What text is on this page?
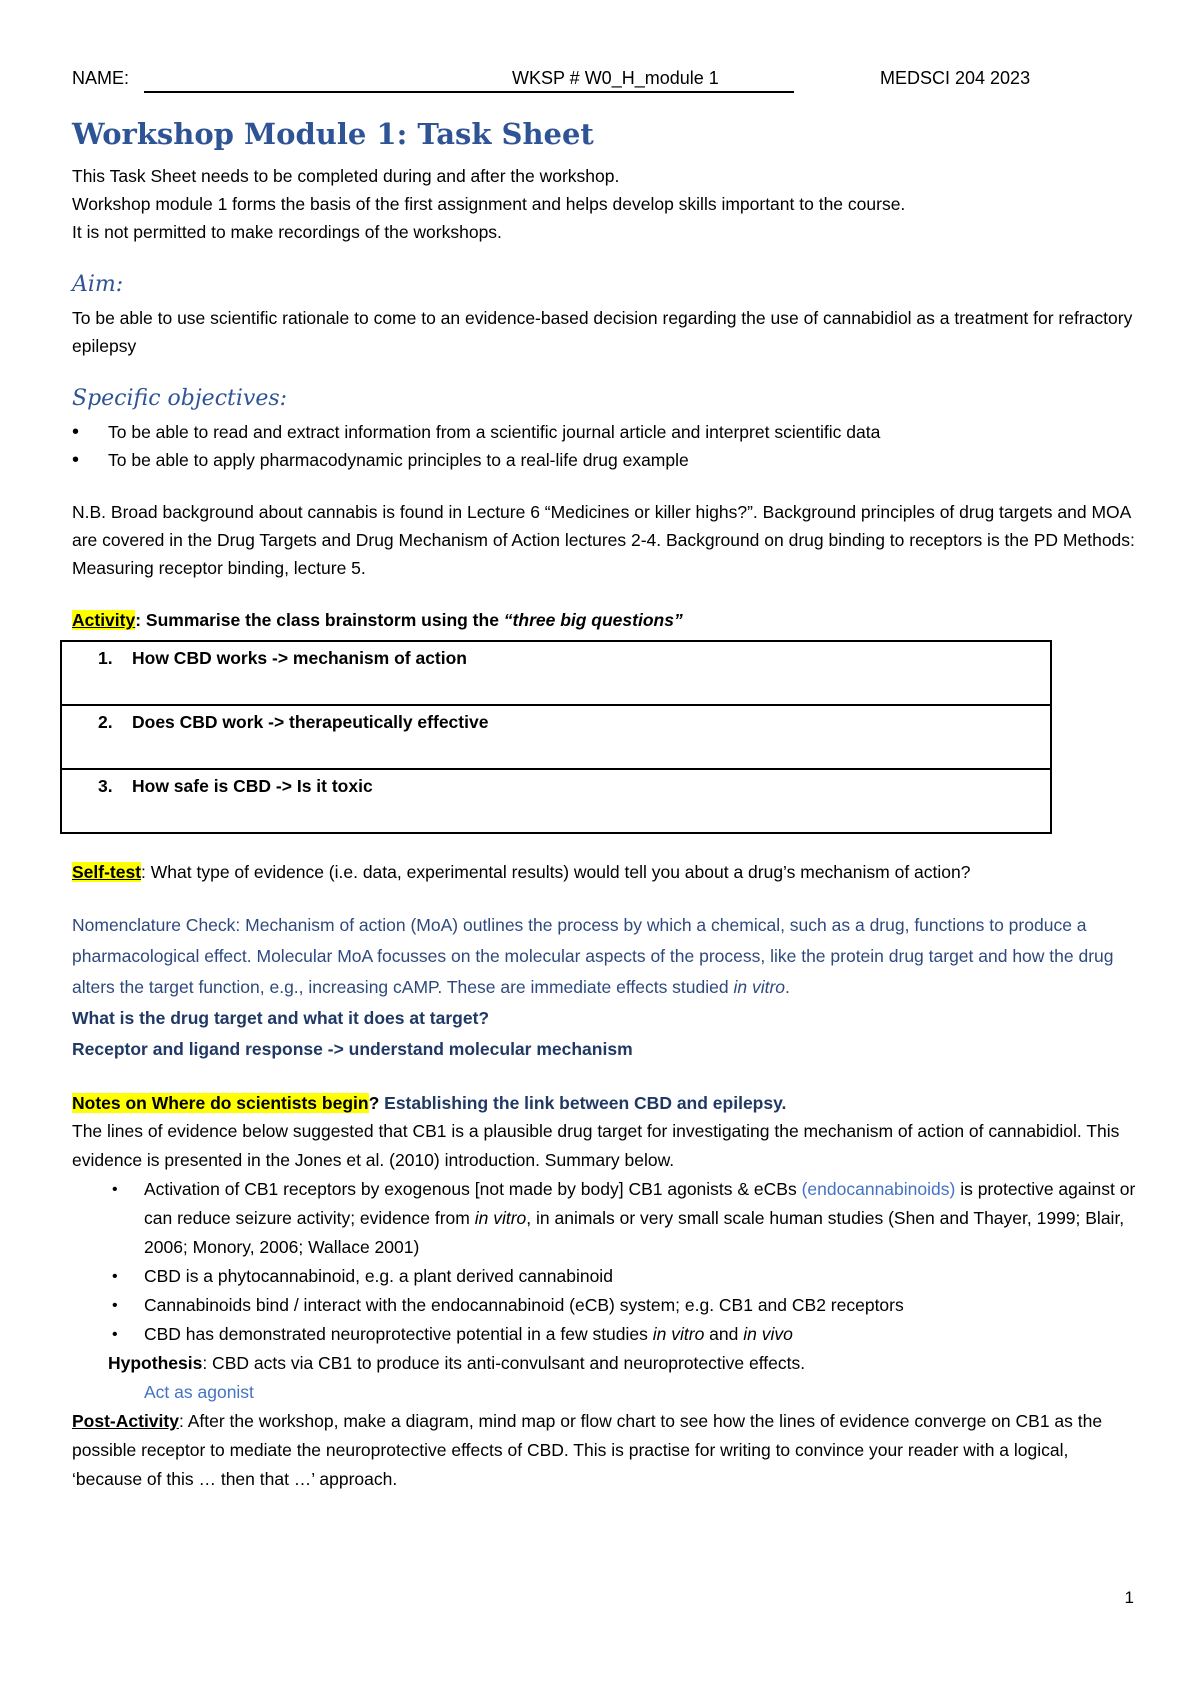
NAME:	WKSP # W0_H_module 1	MEDSCI 204 2023
Workshop Module 1: Task Sheet

This Task Sheet needs to be completed during and after the workshop.

Workshop module 1 forms the basis of the first assignment and helps develop skills important to the course.

It is not permitted to make recordings of the workshops.

Aim:

To be able to use scientific rationale to come to an evidence-based decision regarding the use of cannabidiol as a treatment for refractory epilepsy

Specific objectives:
• To be able to read and extract information from a scientific journal article and interpret scientific data
• To be able to apply pharmacodynamic principles to a real-life drug example

N.B. Broad background about cannabis is found in Lecture 6 “Medicines or killer highs?”. Background principles of drug targets and MOA are covered in the Drug Targets and Drug Mechanism of Action lectures 2-4. Background on drug binding to receptors is the PD Methods: Measuring receptor binding, lecture 5.

Activity: Summarise the class brainstorm using the “three big questions”

1. How CBD works -> mechanism of action

2. Does CBD work -> therapeutically effective

3. How safe is CBD -> Is it toxic

Self-test: What type of evidence (i.e. data, experimental results) would tell you about a drug’s mechanism of action?

Nomenclature Check: Mechanism of action (MoA) outlines the process by which a chemical, such as a drug, functions to produce a pharmacological effect. Molecular MoA focusses on the molecular aspects of the process, like the protein drug target and how the drug alters the target function, e.g., increasing cAMP. These are immediate effects studied in vitro.

What is the drug target and what it does at target?

Receptor and ligand response -> understand molecular mechanism

Notes on Where do scientists begin? Establishing the link between CBD and epilepsy.

The lines of evidence below suggested that CB1 is a plausible drug target for investigating the mechanism of action of cannabidiol. This evidence is presented in the Jones et al. (2010) introduction. Summary below.

• Activation of CB1 receptors by exogenous [not made by body] CB1 agonists & eCBs (endocannabinoids) is protective against or can reduce seizure activity; evidence from in vitro, in animals or very small scale human studies (Shen and Thayer, 1999; Blair, 2006; Monory, 2006; Wallace 2001)
• CBD is a phytocannabinoid, e.g. a plant derived cannabinoid
• Cannabinoids bind / interact with the endocannabinoid (eCB) system; e.g. CB1 and CB2 receptors
• CBD has demonstrated neuroprotective potential in a few studies in vitro and in vivo

Hypothesis: CBD acts via CB1 to produce its anti-convulsant and neuroprotective effects.

Act as agonist

Post-Activity: After the workshop, make a diagram, mind map or flow chart to see how the lines of evidence converge on CB1 as the possible receptor to mediate the neuroprotective effects of CBD. This is practise for writing to convince your reader with a logical, ‘because of this … then that …’ approach.

1
